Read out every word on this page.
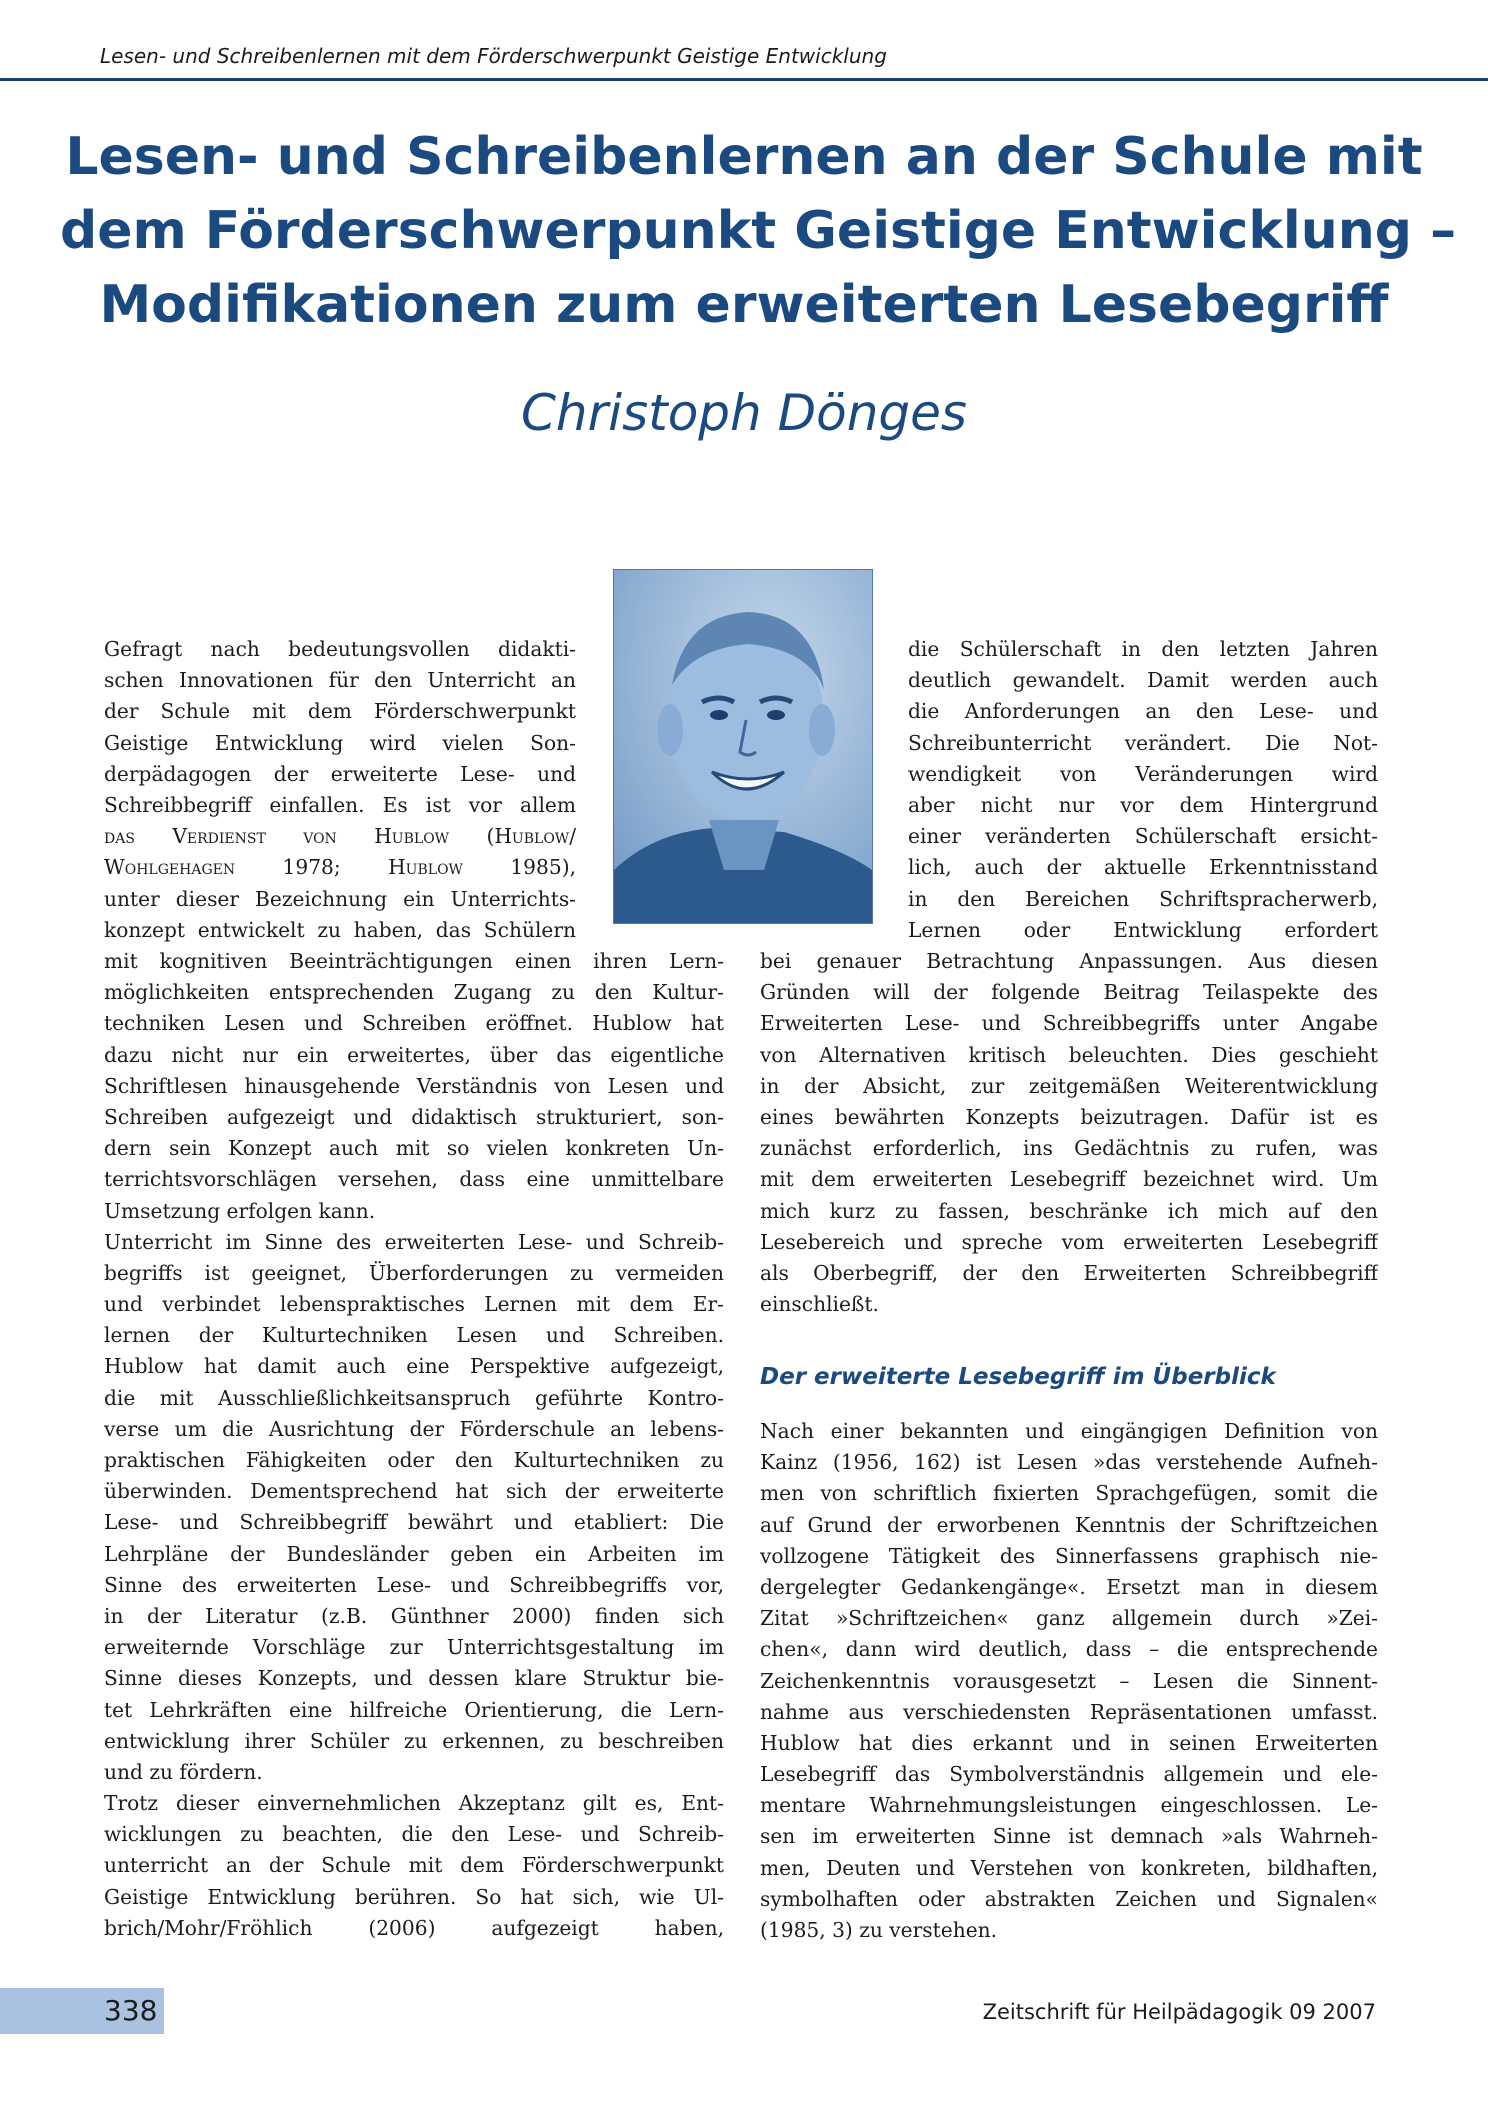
Lesen- und Schreibenlernen mit dem Förderschwerpunkt Geistige Entwicklung
Lesen- und Schreibenlernen an der Schule mit
dem Förderschwerpunkt Geistige Entwicklung –
Modifikationen zum erweiterten Lesebegriff
Christoph Dönges
Gefragt nach bedeutungsvollen didakti-
schen Innovationen für den Unterricht an
der Schule mit dem Förderschwerpunkt
Geistige Entwicklung wird vielen Son-
derpädagogen der erweiterte Lese- und
Schreibbegriff einfallen. Es ist vor allem
das Verdienst von Hublow (Hublow/
Wohlgehagen 1978; Hublow 1985),
unter dieser Bezeichnung ein Unterrichts-
konzept entwickelt zu haben, das Schülern
mit kognitiven Beeinträchtigungen einen ihren Lern-
möglichkeiten entsprechenden Zugang zu den Kultur-
techniken Lesen und Schreiben eröffnet. Hublow hat
dazu nicht nur ein erweitertes, über das eigentliche
Schriftlesen hinausgehende Verständnis von Lesen und
Schreiben aufgezeigt und didaktisch strukturiert, son-
dern sein Konzept auch mit so vielen konkreten Un-
terrichtsvorschlägen versehen, dass eine unmittelbare
Umsetzung erfolgen kann.
Unterricht im Sinne des erweiterten Lese- und Schreib-
begriffs ist geeignet, Überforderungen zu vermeiden
und verbindet lebenspraktisches Lernen mit dem Er-
lernen der Kulturtechniken Lesen und Schreiben.
Hublow hat damit auch eine Perspektive aufgezeigt,
die mit Ausschließlichkeitsanspruch geführte Kontro-
verse um die Ausrichtung der Förderschule an lebens-
praktischen Fähigkeiten oder den Kulturtechniken zu
überwinden. Dementsprechend hat sich der erweiterte
Lese- und Schreibbegriff bewährt und etabliert: Die
Lehrpläne der Bundesländer geben ein Arbeiten im
Sinne des erweiterten Lese- und Schreibbegriffs vor,
in der Literatur (z.B. Günthner 2000) finden sich
erweiternde Vorschläge zur Unterrichtsgestaltung im
Sinne dieses Konzepts, und dessen klare Struktur bie-
tet Lehrkräften eine hilfreiche Orientierung, die Lern-
entwicklung ihrer Schüler zu erkennen, zu beschreiben
und zu fördern.
Trotz dieser einvernehmlichen Akzeptanz gilt es, Ent-
wicklungen zu beachten, die den Lese- und Schreib-
unterricht an der Schule mit dem Förderschwerpunkt
Geistige Entwicklung berühren. So hat sich, wie Ul-
brich/Mohr/Fröhlich (2006) aufgezeigt haben,
die Schülerschaft in den letzten Jahren
deutlich gewandelt. Damit werden auch
die Anforderungen an den Lese- und
Schreibunterricht verändert. Die Not-
wendigkeit von Veränderungen wird
aber nicht nur vor dem Hintergrund
einer veränderten Schülerschaft ersicht-
lich, auch der aktuelle Erkenntnisstand
in den Bereichen Schriftspracherwerb,
Lernen oder Entwicklung erfordert
bei genauer Betrachtung Anpassungen. Aus diesen
Gründen will der folgende Beitrag Teilaspekte des
Erweiterten Lese- und Schreibbegriffs unter Angabe
von Alternativen kritisch beleuchten. Dies geschieht
in der Absicht, zur zeitgemäßen Weiterentwicklung
eines bewährten Konzepts beizutragen. Dafür ist es
zunächst erforderlich, ins Gedächtnis zu rufen, was
mit dem erweiterten Lesebegriff bezeichnet wird. Um
mich kurz zu fassen, beschränke ich mich auf den
Lesebereich und spreche vom erweiterten Lesebegriff
als Oberbegriff, der den Erweiterten Schreibbegriff
einschließt.
Der erweiterte Lesebegriff im Überblick
Nach einer bekannten und eingängigen Definition von
Kainz (1956, 162) ist Lesen »das verstehende Aufneh-
men von schriftlich fixierten Sprachgefügen, somit die
auf Grund der erworbenen Kenntnis der Schriftzeichen
vollzogene Tätigkeit des Sinnerfassens graphisch nie-
dergelegter Gedankengänge«. Ersetzt man in diesem
Zitat »Schriftzeichen« ganz allgemein durch »Zei-
chen«, dann wird deutlich, dass – die entsprechende
Zeichenkenntnis vorausgesetzt – Lesen die Sinnent-
nahme aus verschiedensten Repräsentationen umfasst.
Hublow hat dies erkannt und in seinen Erweiterten
Lesebegriff das Symbolverständnis allgemein und ele-
mentare Wahrnehmungsleistungen eingeschlossen. Le-
sen im erweiterten Sinne ist demnach »als Wahrneh-
men, Deuten und Verstehen von konkreten, bildhaften,
symbolhaften oder abstrakten Zeichen und Signalen«
(1985, 3) zu verstehen.
338	Zeitschrift für Heilpädagogik 09 2007
